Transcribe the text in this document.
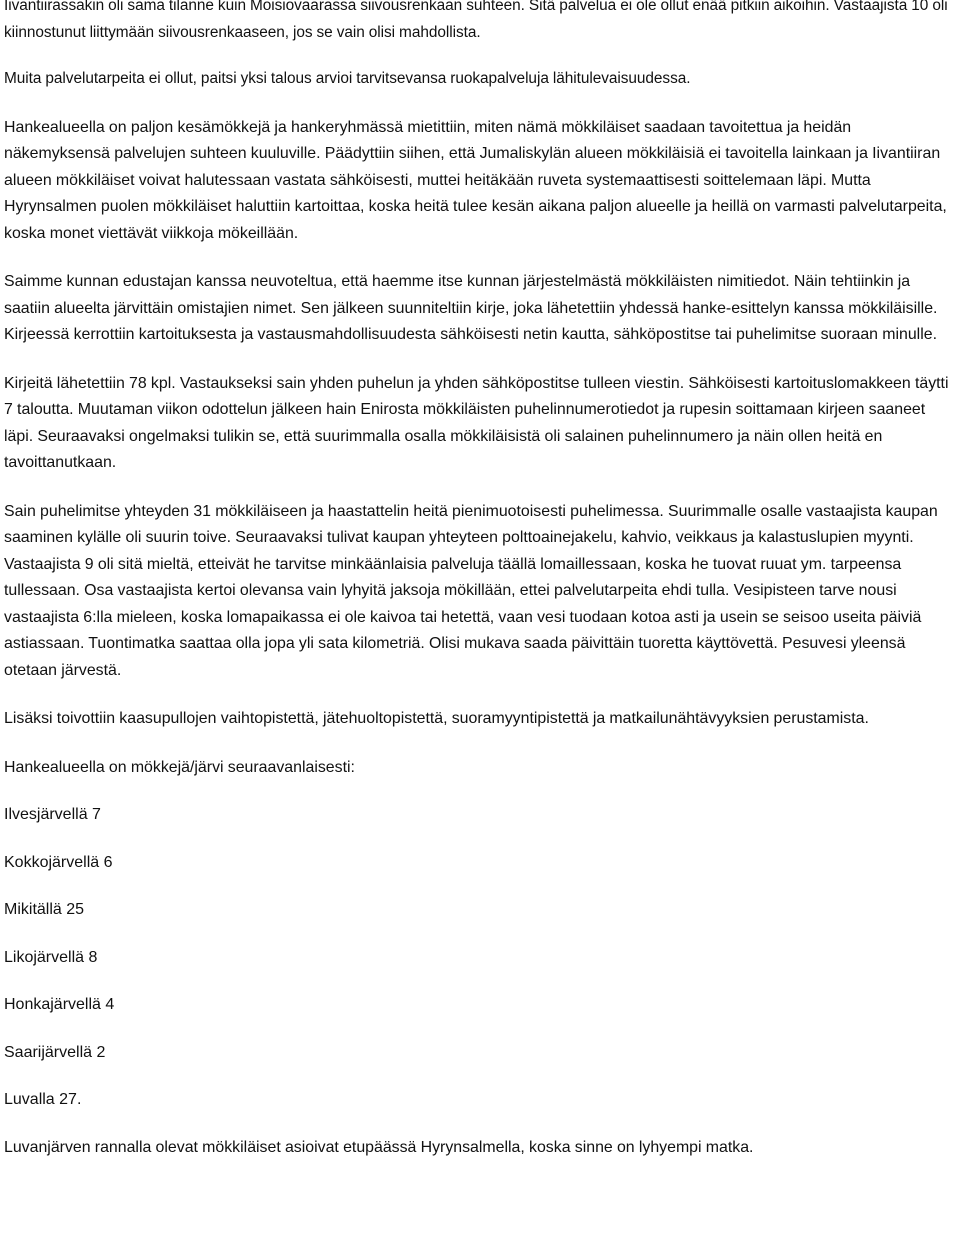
Iivantiirassakin oli sama tilanne kuin Moisiovaarassa siivousrenkaan suhteen. Sitä palvelua ei ole ollut enää pitkiin aikoihin. Vastaajista 10 oli kiinnostunut liittymään siivousrenkaaseen, jos se vain olisi mahdollista.

Muita palvelutarpeita ei ollut, paitsi yksi talous arvioi tarvitsevansa ruokapalveluja lähitulevaisuudessa.

Hankealueella on paljon kesämökkejä ja hankeryhmässä mietittiin, miten nämä mökkiläiset saadaan tavoitettua ja heidän näkemyksensä palvelujen suhteen kuuluville. Päädyttiin siihen, että Jumaliskylän alueen mökkiläisiä ei tavoitella lainkaan ja Iivantiiran alueen mökkiläiset voivat halutessaan vastata sähköisesti, muttei heitäkään ruveta systemaattisesti soittelemaan läpi. Mutta Hyrynsalmen puolen mökkiläiset haluttiin kartoittaa, koska heitä tulee kesän aikana paljon alueelle ja heillä on varmasti palvelutarpeita, koska monet viettävät viikkoja mökeillään.

Saimme kunnan edustajan kanssa neuvoteltua, että haemme itse kunnan järjestelmästä mökkiläisten nimitiedot. Näin tehtiinkin ja saatiin alueelta järvittäin omistajien nimet. Sen jälkeen suunniteltiin kirje, joka lähetettiin yhdessä hanke-esittelyn kanssa mökkiläisille. Kirjeessä kerrottiin kartoituksesta ja vastausmahdollisuudesta sähköisesti netin kautta, sähköpostitse tai puhelimitse suoraan minulle.

Kirjeitä lähetettiin 78 kpl. Vastaukseksi sain yhden puhelun ja yhden sähköpostitse tulleen viestin. Sähköisesti kartoituslomakkeen täytti 7 taloutta. Muutaman viikon odottelun jälkeen hain Enirosta mökkiläisten puhelinnumerotiedot ja rupesin soittamaan kirjeen saaneet läpi. Seuraavaksi ongelmaksi tulikin se, että suurimmalla osalla mökkiläisistä oli salainen puhelinnumero ja näin ollen heitä en tavoittanutkaan.

Sain puhelimitse yhteyden 31 mökkiläiseen ja haastattelin heitä pienimuotoisesti puhelimessa. Suurimmalle osalle vastaajista kaupan saaminen kylälle oli suurin toive. Seuraavaksi tulivat kaupan yhteyteen polttoainejakelu, kahvio, veikkaus ja kalastuslupien myynti. Vastaajista 9 oli sitä mieltä, etteivät he tarvitse minkäänlaisia palveluja täällä lomaillessaan, koska he tuovat ruuat ym. tarpeensa tullessaan. Osa vastaajista kertoi olevansa vain lyhyitä jaksoja mökillään, ettei palvelutarpeita ehdi tulla. Vesipisteen tarve nousi vastaajista 6:lla mieleen, koska lomapaikassa ei ole kaivoa tai hetettä, vaan vesi tuodaan kotoa asti ja usein se seisoo useita päiviä astiassaan. Tuontimatka saattaa olla jopa yli sata kilometriä. Olisi mukava saada päivittäin tuoretta käyttövettä. Pesuvesi yleensä otetaan järvestä.

Lisäksi toivottiin kaasupullojen vaihtopistettä, jätehuoltopistettä, suoramyyntipistettä ja matkailunähtävyyksien perustamista.

Hankealueella on mökkejä/järvi seuraavanlaisesti:

Ilvesjärvellä 7

Kokkojärvellä 6

Mikitällä 25

Likojärvellä 8

Honkajärvellä 4

Saarijärvellä 2

Luvalla 27.

Luvanjärven rannalla olevat mökkiläiset asioivat etupäässä Hyrynsalmella, koska sinne on lyhyempi matka.
